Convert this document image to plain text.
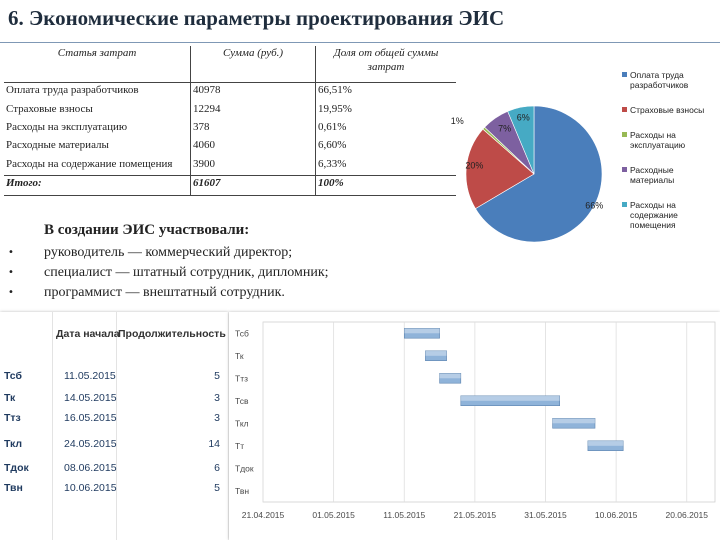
6. Экономические параметры проектирования ЭИС
Статья затрат	Сумма (руб.)	Доля от общей суммы затрат
Оплата труда разработчиков	40978	66,51%
Страховые взносы	12294	19,95%
Расходы на эксплуатацию	378	0,61%
Расходные материалы	4060	6,60%
Расходы на содержание помещения	3900	6,33%
Итого:	61607	100%
66%
20%
1%
7%
6%
Оплата труда разработчиков
Страховые взносы
Расходы на эксплуатацию
Расходные материалы
Расходы на содержание помещения
В создании ЭИС участвовали:
• руководитель — коммерческий директор;
• специалист — штатный сотрудник, дипломник;
• программист — внештатный сотрудник.
Дата начала
Продолжительность
Тсб	11.05.2015	5
Тк	14.05.2015	3
Ттз	16.05.2015	3
Ткл	24.05.2015	14
Тдок	08.06.2015	6
Твн	10.06.2015	5
21.04.2015	01.05.2015	11.05.2015	21.05.2015	31.05.2015	10.06.2015	20.06.2015
Тсб
Тк
Ттз
Тсв
Ткл
Тт
Тдок
Твн
